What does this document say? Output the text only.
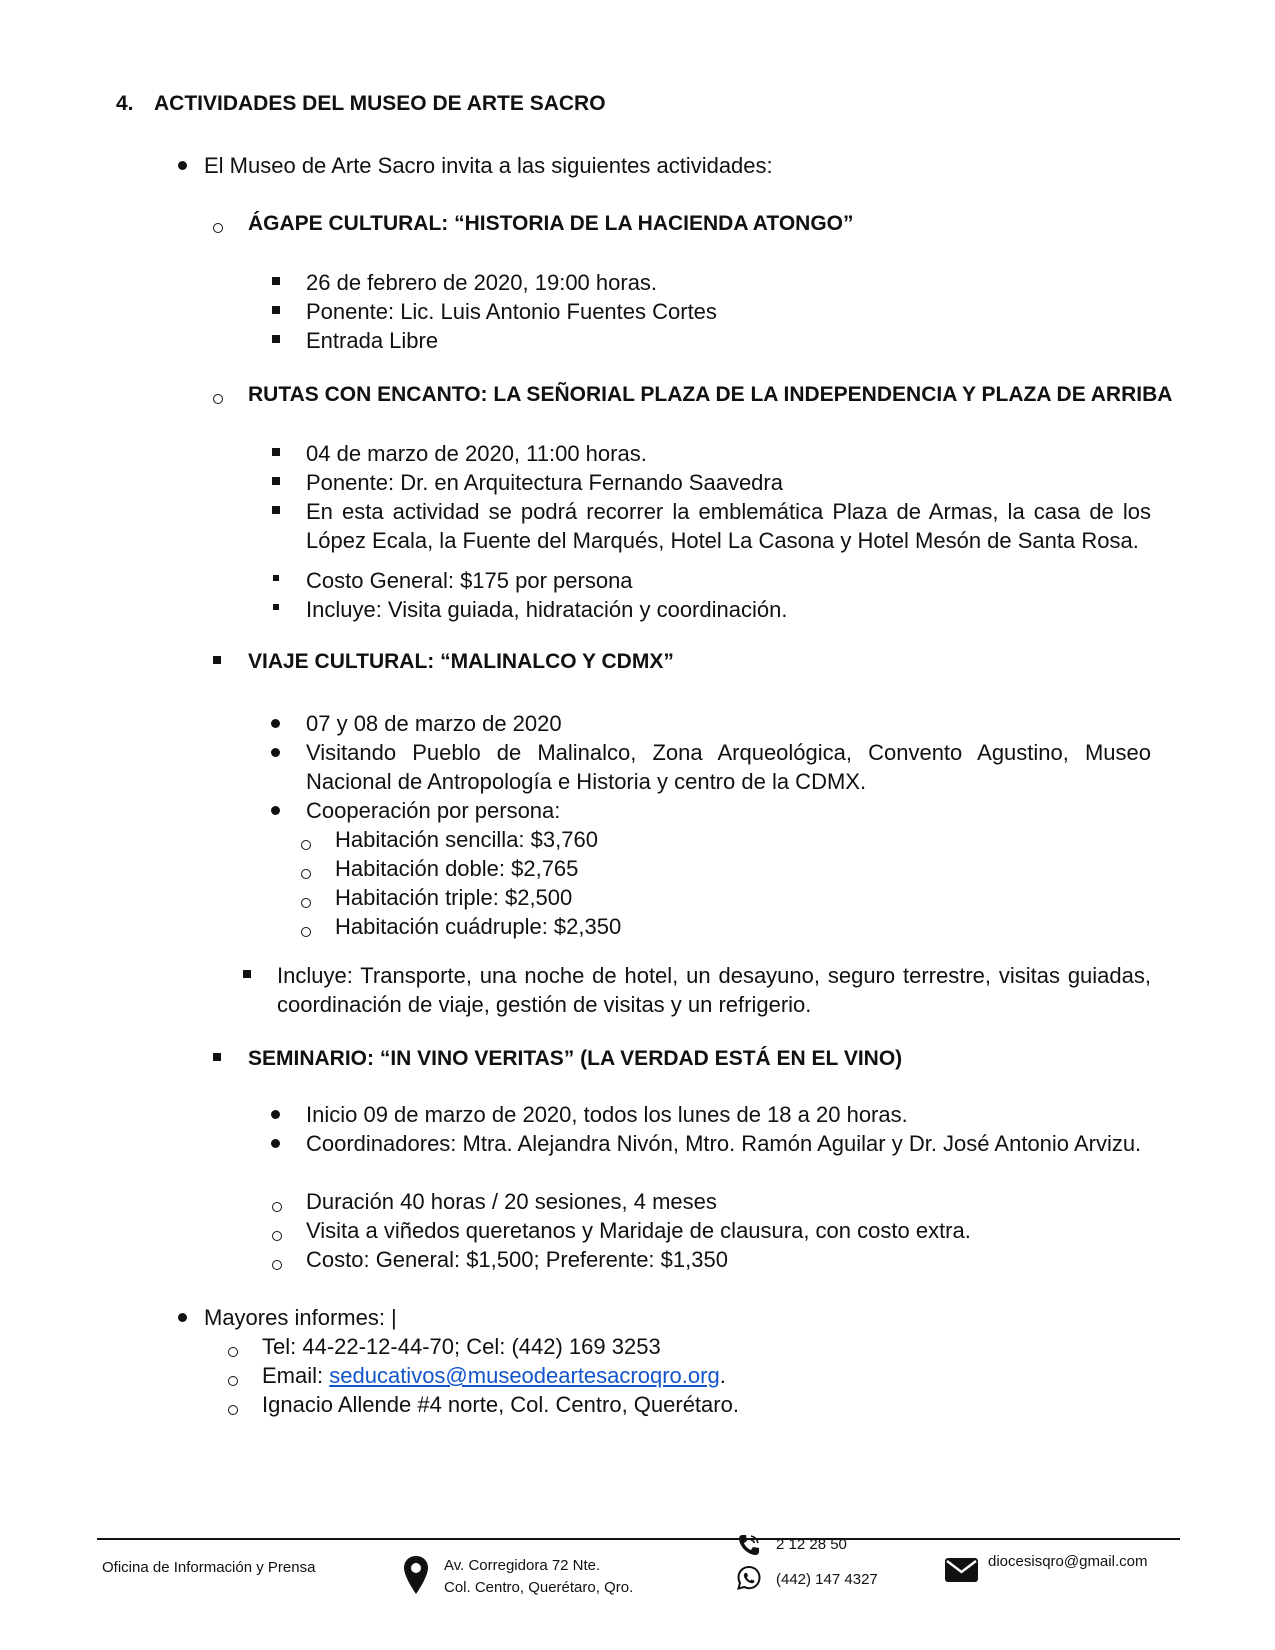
4. ACTIVIDADES DEL MUSEO DE ARTE SACRO
El Museo de Arte Sacro invita a las siguientes actividades:
ÁGAPE CULTURAL: “HISTORIA DE LA HACIENDA ATONGO”
26 de febrero de 2020, 19:00 horas.
Ponente: Lic. Luis Antonio Fuentes Cortes
Entrada Libre
RUTAS CON ENCANTO: LA SEÑORIAL PLAZA DE LA INDEPENDENCIA Y PLAZA DE ARRIBA
04 de marzo de 2020, 11:00 horas.
Ponente: Dr. en Arquitectura Fernando Saavedra
En esta actividad se podrá recorrer la emblemática Plaza de Armas, la casa de los López Ecala, la Fuente del Marqués, Hotel La Casona y Hotel Mesón de Santa Rosa.
Costo General: $175 por persona
Incluye: Visita guiada, hidratación y coordinación.
VIAJE CULTURAL: “MALINALCO Y CDMX”
07 y 08 de marzo de 2020
Visitando Pueblo de Malinalco, Zona Arqueológica, Convento Agustino, Museo Nacional de Antropología e Historia y centro de la CDMX.
Cooperación por persona:
Habitación sencilla: $3,760
Habitación doble: $2,765
Habitación triple: $2,500
Habitación cuádruple: $2,350
Incluye: Transporte, una noche de hotel, un desayuno, seguro terrestre, visitas guiadas, coordinación de viaje, gestión de visitas y un refrigerio.
SEMINARIO: “IN VINO VERITAS” (LA VERDAD ESTÁ EN EL VINO)
Inicio 09 de marzo de 2020, todos los lunes de 18 a 20 horas.
Coordinadores: Mtra. Alejandra Nivón, Mtro. Ramón Aguilar y Dr. José Antonio Arvizu.
Duración 40 horas / 20 sesiones, 4 meses
Visita a viñedos queretanos y Maridaje de clausura, con costo extra.
Costo: General: $1,500; Preferente: $1,350
Mayores informes: |
Tel: 44-22-12-44-70; Cel: (442) 169 3253
Email: seducativos@museodeartesacroqro.org.
Ignacio Allende #4 norte, Col. Centro, Querétaro.
Oficina de Información y Prensa	Av. Corregidora 72 Nte.
Col. Centro, Querétaro, Qro.
2 12 28 50
(442) 147 4327
diocesisqro@gmail.com
